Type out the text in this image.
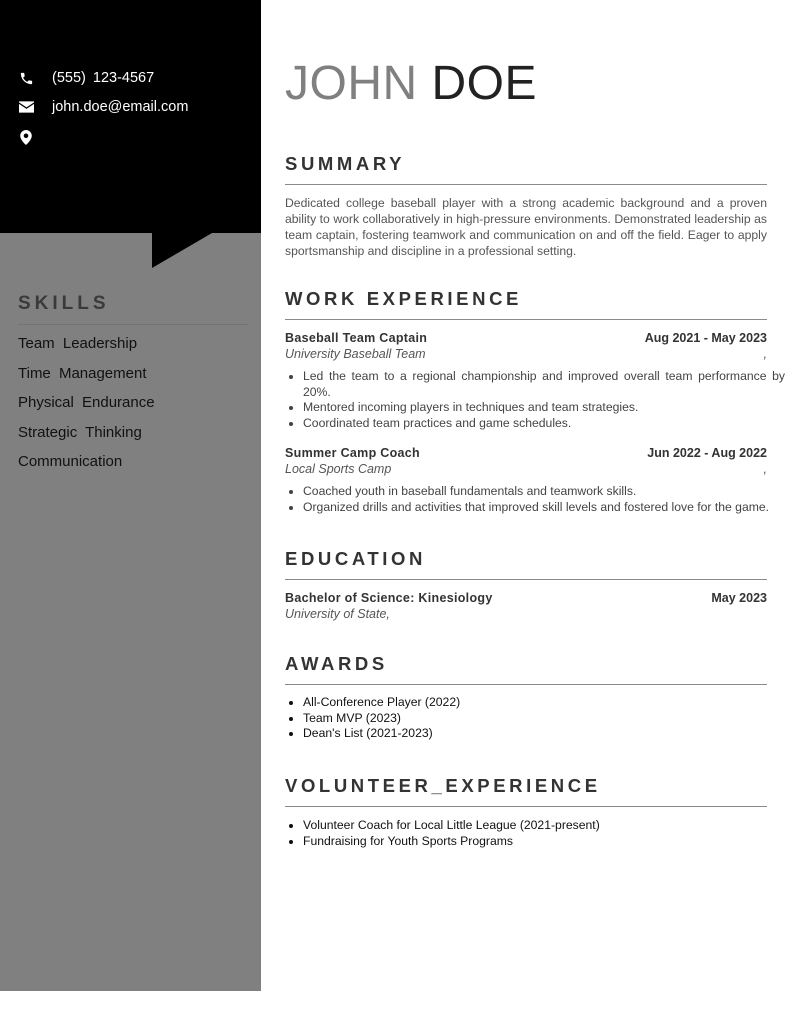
(555) 123-4567
john.doe@email.com
SKILLS
Team Leadership
Time Management
Physical Endurance
Strategic Thinking
Communication
JOHN DOE
SUMMARY

Dedicated college baseball player with a strong academic background and a proven ability to work collaboratively in high-pressure environments. Demonstrated leadership as team captain, fostering teamwork and communication on and off the field. Eager to apply sportsmanship and discipline in a professional setting.

WORK EXPERIENCE
Baseball Team Captain	Aug 2021 - May 2023
University Baseball Team	,
• Led the team to a regional championship and improved overall team performance by 20%.
• Mentored incoming players in techniques and team strategies.
• Coordinated team practices and game schedules.
Summer Camp Coach	Jun 2022 - Aug 2022
Local Sports Camp	,
• Coached youth in baseball fundamentals and teamwork skills.
• Organized drills and activities that improved skill levels and fostered love for the game.
EDUCATION
Bachelor of Science: Kinesiology	May 2023
University of State,
AWARDS
• All-Conference Player (2022)
• Team MVP (2023)
• Dean's List (2021-2023)
VOLUNTEER_EXPERIENCE
• Volunteer Coach for Local Little League (2021-present)
• Fundraising for Youth Sports Programs
